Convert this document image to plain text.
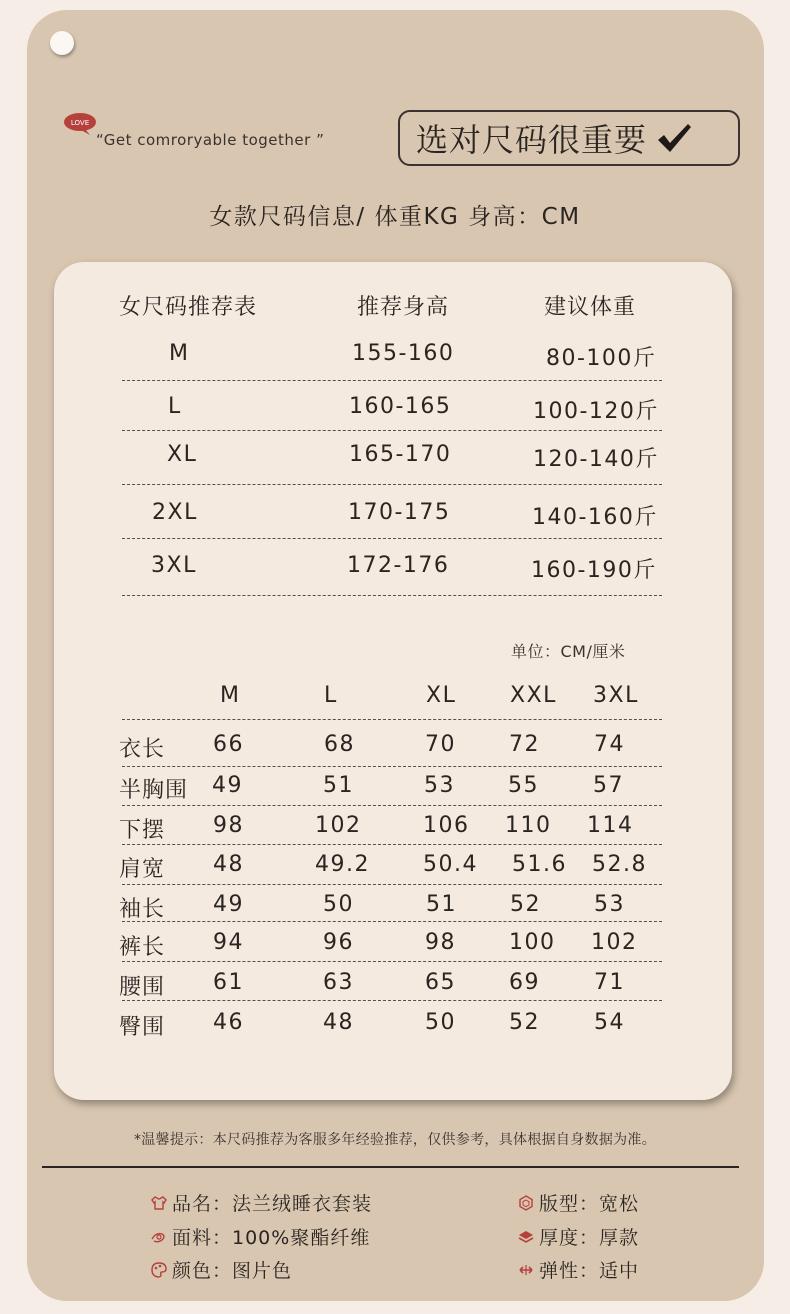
LOVE
“Get comroryable together ”	选对尺码很重要
女款尺码信息/ 体重KG 身高：CM
女尺码推荐表	推荐身高	建议体重
M	155-160	80-100斤
L	160-165	100-120斤
XL	165-170	120-140斤
2XL	170-175	140-160斤
3XL	172-176	160-190斤
单位：CM/厘米
M	L	XL XXL 3XL
衣长 66	68	70 72 74
半胸围 49	51	53 55 57
下摆 98	102	106 110 114
肩宽 48	49.2 50.4 51.6 52.8
袖长 49	50	51 52 53
裤长 94	96	98 100 102
腰围 61	63	65 69 71
臀围 46	48	50 52 54
*温馨提示：本尺码推荐为客服多年经验推荐，仅供参考，具体根据自身数据为准。
品名：法兰绒睡衣套装
面料：100%聚酯纤维
颜色：图片色
版型：宽松
厚度：厚款
弹性：适中
